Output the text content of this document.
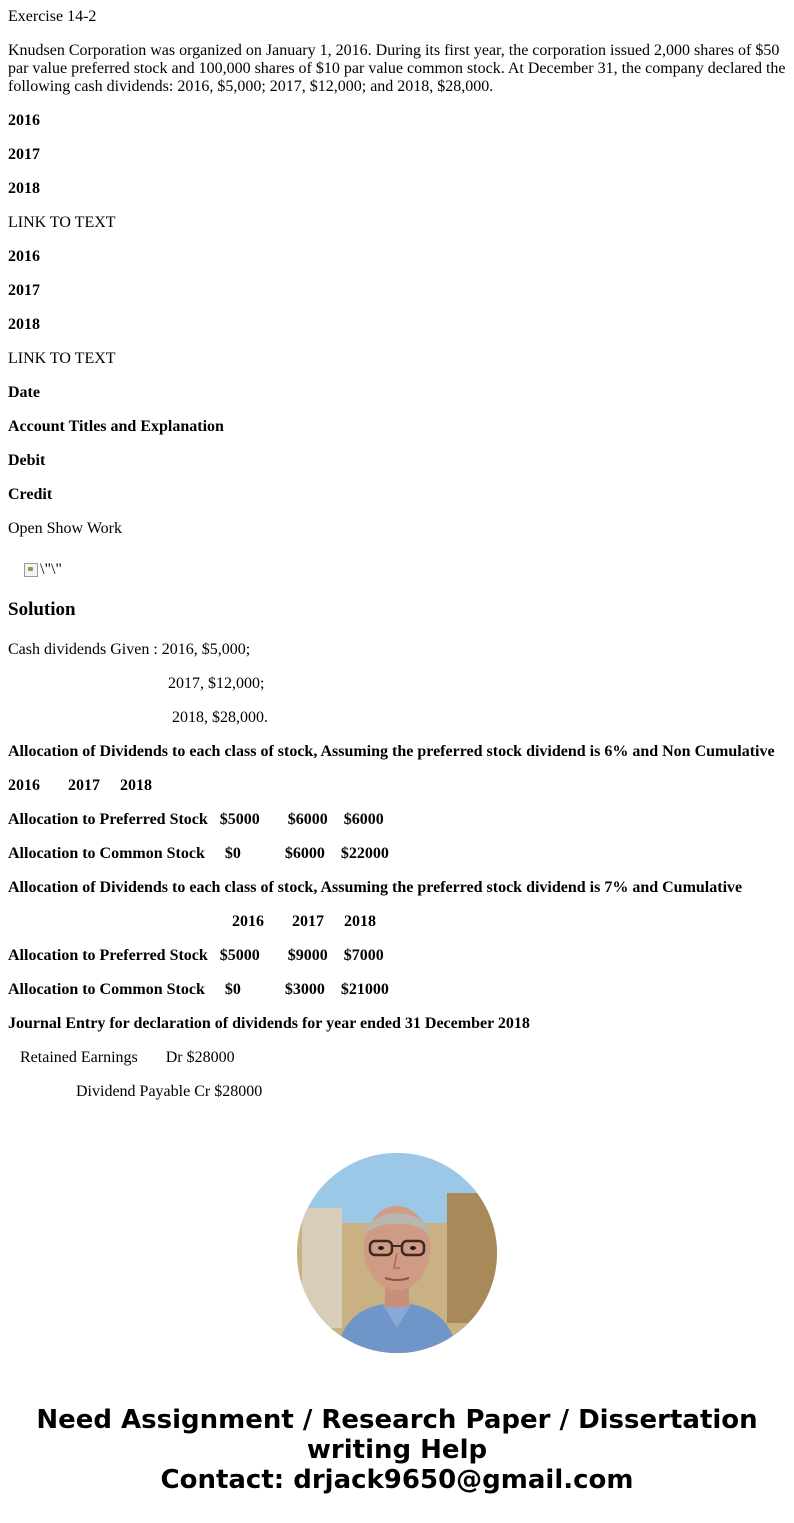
Exercise 14-2

Knudsen Corporation was organized on January 1, 2016. During its first year, the corporation issued 2,000 shares of $50 par value preferred stock and 100,000 shares of $10 par value common stock. At December 31, the company declared the following cash dividends: 2016, $5,000; 2017, $12,000; and 2018, $28,000.

2016

2017

2018

LINK TO TEXT

2016

2017

2018

LINK TO TEXT

Date

Account Titles and Explanation

Debit

Credit

Open Show Work

\"\"
Solution

Cash dividends Given : 2016, $5,000;

2017, $12,000;

2018, $28,000.

Allocation of Dividends to each class of stock, Assuming the preferred stock dividend is 6% and Non Cumulative

2016       2017     2018

Allocation to Preferred Stock   $5000       $6000    $6000

Allocation to Common Stock     $0           $6000    $22000

Allocation of Dividends to each class of stock, Assuming the preferred stock dividend is 7% and Cumulative

2016       2017     2018

Allocation to Preferred Stock   $5000       $9000    $7000

Allocation to Common Stock     $0           $3000    $21000

Journal Entry for declaration of dividends for year ended 31 December 2018

Retained Earnings       Dr $28000

Dividend Payable Cr $28000

Need Assignment / Research Paper / Dissertation
writing Help
Contact: drjack9650@gmail.com
